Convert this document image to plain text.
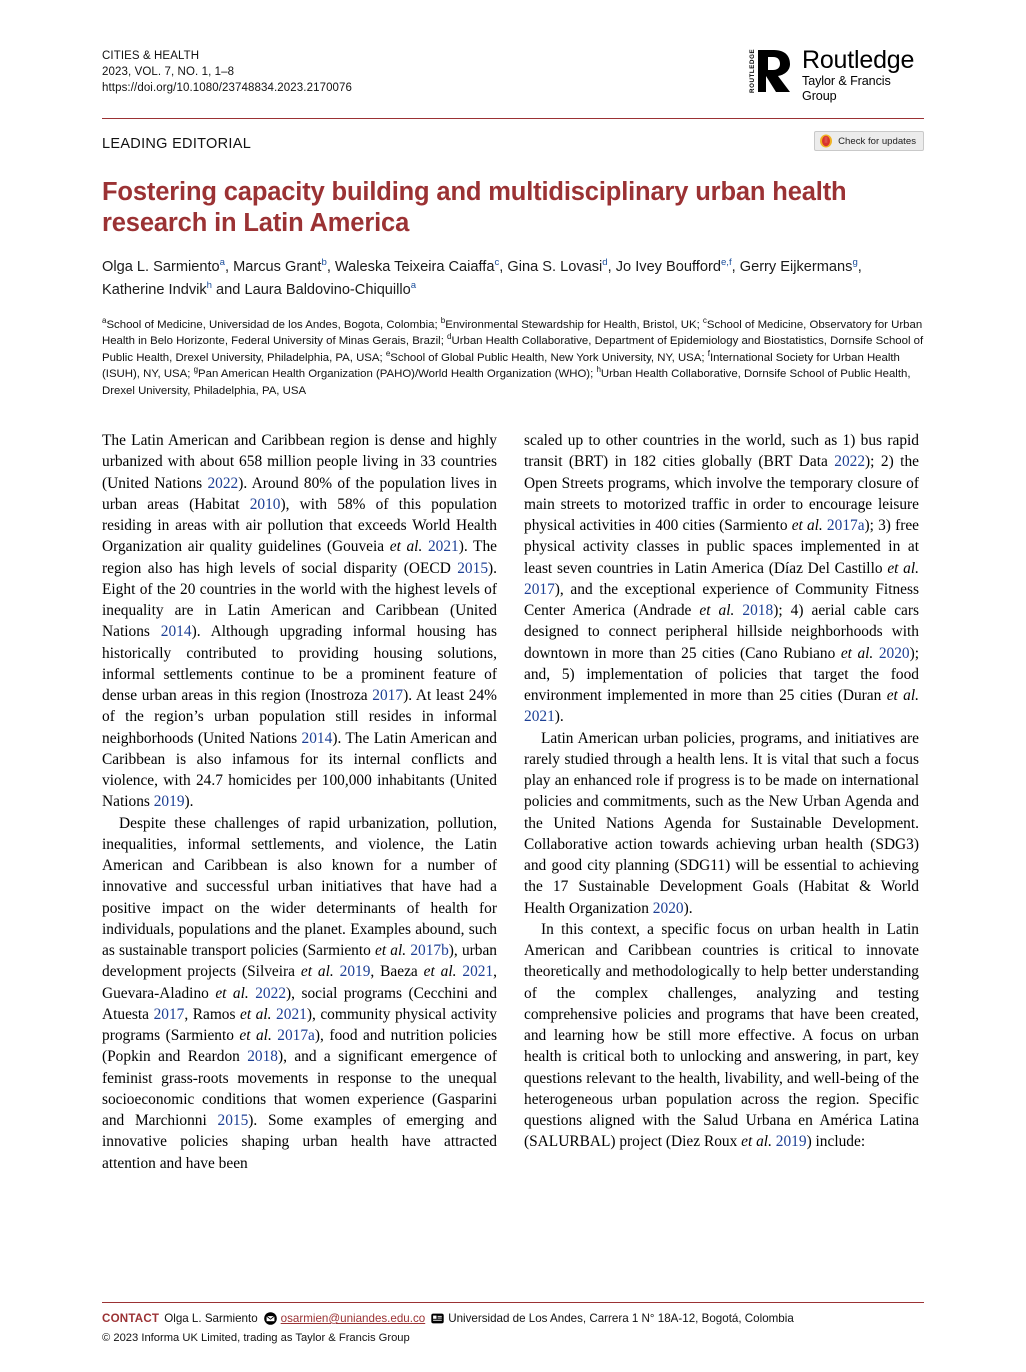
CITIES & HEALTH
2023, VOL. 7, NO. 1, 1–8
https://doi.org/10.1080/23748834.2023.2170076	ROUTLEDGE Routledge
Taylor & Francis Group
LEADING EDITORIAL	Check for updates
Fostering capacity building and multidisciplinary urban health research in Latin America
Olga L. Sarmiento$^a$, Marcus Grant$^b$, Waleska Teixeira Caiaffa$^c$, Gina S. Lovasi$^d$, Jo Ivey Boufford$^{e,f}$, Gerry Eijkermans$^g$, Katherine Indvik$^h$ and Laura Baldovino-Chiquillo$^a$
$^a$School of Medicine, Universidad de los Andes, Bogota, Colombia; $^b$Environmental Stewardship for Health, Bristol, UK; $^c$School of Medicine, Observatory for Urban Health in Belo Horizonte, Federal University of Minas Gerais, Brazil; $^d$Urban Health Collaborative, Department of Epidemiology and Biostatistics, Dornsife School of Public Health, Drexel University, Philadelphia, PA, USA; $^e$School of Global Public Health, New York University, NY, USA; $^f$International Society for Urban Health (ISUH), NY, USA; $^g$Pan American Health Organization (PAHO)/World Health Organization (WHO); $^h$Urban Health Collaborative, Dornsife School of Public Health, Drexel University, Philadelphia, PA, USA

The Latin American and Caribbean region is dense and highly urbanized with about 658 million people living in 33 countries (United Nations 2022). Around 80% of the population lives in urban areas (Habitat 2010), with 58% of this population residing in areas with air pollution that exceeds World Health Organization air quality guidelines (Gouveia et al. 2021). The region also has high levels of social disparity (OECD 2015). Eight of the 20 countries in the world with the highest levels of inequality are in Latin American and Caribbean (United Nations 2014). Although upgrading informal housing has historically contributed to providing housing solutions, informal settlements continue to be a prominent feature of dense urban areas in this region (Inostroza 2017). At least 24% of the region’s urban population still resides in informal neighborhoods (United Nations 2014). The Latin American and Caribbean is also infamous for its internal conflicts and violence, with 24.7 homicides per 100,000 inhabitants (United Nations 2019).

Despite these challenges of rapid urbanization, pollution, inequalities, informal settlements, and violence, the Latin American and Caribbean is also known for a number of innovative and successful urban initiatives that have had a positive impact on the wider determinants of health for individuals, populations and the planet. Examples abound, such as sustainable transport policies (Sarmiento et al. 2017b), urban development projects (Silveira et al. 2019, Baeza et al. 2021, Guevara-Aladino et al. 2022), social programs (Cecchini and Atuesta 2017, Ramos et al. 2021), community physical activity programs (Sarmiento et al. 2017a), food and nutrition policies (Popkin and Reardon 2018), and a significant emergence of feminist grass-roots movements in response to the unequal socioeconomic conditions that women experience (Gasparini and Marchionni 2015). Some examples of emerging and innovative policies shaping urban health have attracted attention and have been

scaled up to other countries in the world, such as 1) bus rapid transit (BRT) in 182 cities globally (BRT Data 2022); 2) the Open Streets programs, which involve the temporary closure of main streets to motorized traffic in order to encourage leisure physical activities in 400 cities (Sarmiento et al. 2017a); 3) free physical activity classes in public spaces implemented in at least seven countries in Latin America (Díaz Del Castillo et al. 2017), and the exceptional experience of Community Fitness Center America (Andrade et al. 2018); 4) aerial cable cars designed to connect peripheral hillside neighborhoods with downtown in more than 25 cities (Cano Rubiano et al. 2020); and, 5) implementation of policies that target the food environment implemented in more than 25 cities (Duran et al. 2021).

Latin American urban policies, programs, and initiatives are rarely studied through a health lens. It is vital that such a focus play an enhanced role if progress is to be made on international policies and commitments, such as the New Urban Agenda and the United Nations Agenda for Sustainable Development. Collaborative action towards achieving urban health (SDG3) and good city planning (SDG11) will be essential to achieving the 17 Sustainable Development Goals (Habitat & World Health Organization 2020).

In this context, a specific focus on urban health in Latin American and Caribbean countries is critical to innovate theoretically and methodologically to help better understanding of the complex challenges, analyzing and testing comprehensive policies and programs that have been created, and learning how be still more effective. A focus on urban health is critical both to unlocking and answering, in part, key questions relevant to the health, livability, and well-being of the heterogeneous urban population across the region. Specific questions aligned with the Salud Urbana en América Latina (SALURBAL) project (Diez Roux et al. 2019) include:

CONTACT Olga L. Sarmiento osarmien@uniandes.edu.co Universidad de Los Andes, Carrera 1 N° 18A-12, Bogotá, Colombia
© 2023 Informa UK Limited, trading as Taylor & Francis Group
